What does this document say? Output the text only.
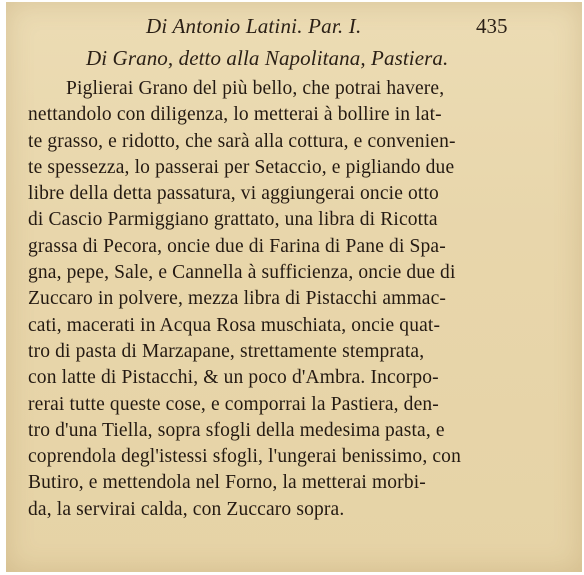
Di Antonio Latini. Par. I.	435
Di Grano, detto alla Napolitana, Pastiera.
Piglierai Grano del più bello, che potrai havere,
nettandolo con diligenza, lo metterai à bollire in lat-
te grasso, e ridotto, che sarà alla cottura, e convenien-
te spessezza, lo passerai per Setaccio, e pigliando due
libre della detta passatura, vi aggiungerai oncie otto
di Cascio Parmiggiano grattato, una libra di Ricotta
grassa di Pecora, oncie due di Farina di Pane di Spa-
gna, pepe, Sale, e Cannella à sufficienza, oncie due di
Zuccaro in polvere, mezza libra di Pistacchi ammac-
cati, macerati in Acqua Rosa muschiata, oncie quat-
tro di pasta di Marzapane, strettamente stemprata,
con latte di Pistacchi, & un poco d'Ambra. Incorpo-
rerai tutte queste cose, e comporrai la Pastiera, den-
tro d'una Tiella, sopra sfogli della medesima pasta, e
coprendola degl'istessi sfogli, l'ungerai benissimo, con
Butiro, e mettendola nel Forno, la metterai morbi-
da, la servirai calda, con Zuccaro sopra.
